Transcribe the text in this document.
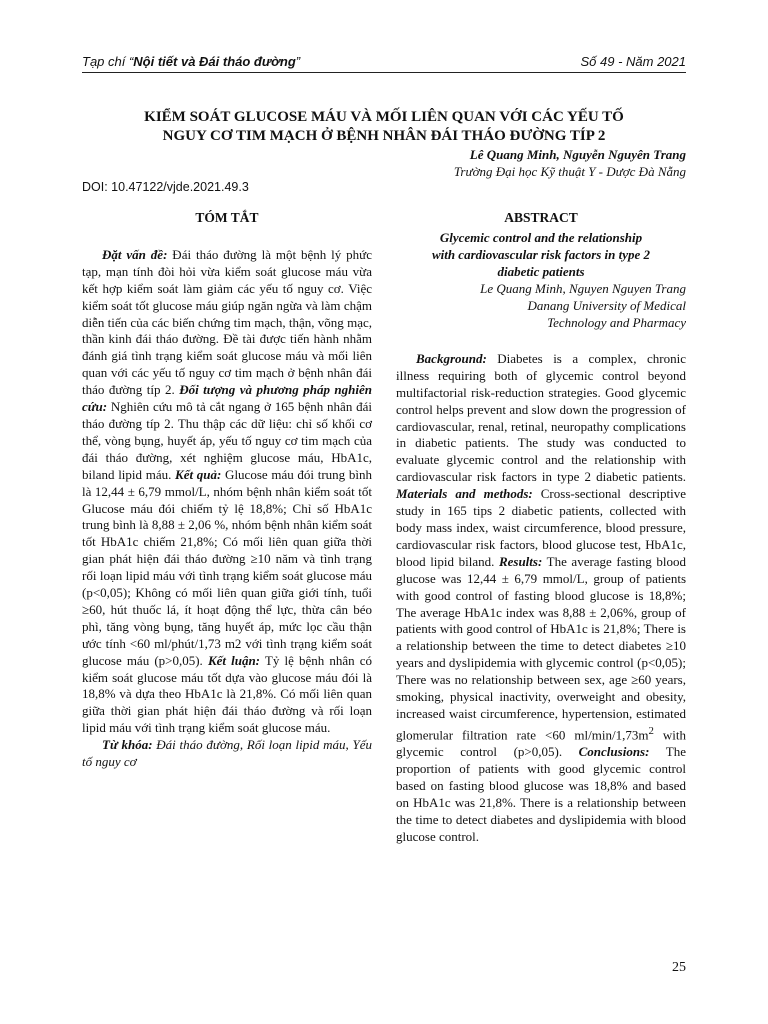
Tạp chí “Nội tiết và Đái tháo đường”	Số 49 - Năm 2021
KIỂM SOÁT GLUCOSE MÁU VÀ MỐI LIÊN QUAN VỚI CÁC YẾU TỐ
NGUY CƠ TIM MẠCH Ở BỆNH NHÂN ĐÁI THÁO ĐƯỜNG TÍP 2
Lê Quang Minh, Nguyễn Nguyên Trang
Trường Đại học Kỹ thuật Y - Dược Đà Nẵng
DOI: 10.47122/vjde.2021.49.3
TÓM TẮT

Đặt vấn đề: Đái tháo đường là một bệnh lý phức tạp, mạn tính đòi hỏi vừa kiểm soát glucose máu vừa kết hợp kiểm soát làm giảm các yếu tố nguy cơ. Việc kiểm soát tốt glucose máu giúp ngăn ngừa và làm chậm diễn tiến của các biến chứng tim mạch, thận, võng mạc, thần kinh đái tháo đường. Đề tài được tiến hành nhằm đánh giá tình trạng kiểm soát glucose máu và mối liên quan với các yếu tố nguy cơ tim mạch ở bệnh nhân đái tháo đường típ 2. Đối tượng và phương pháp nghiên cứu: Nghiên cứu mô tả cắt ngang ở 165 bệnh nhân đái tháo đường típ 2. Thu thập các dữ liệu: chỉ số khối cơ thể, vòng bụng, huyết áp, yếu tố nguy cơ tim mạch của đái tháo đường, xét nghiệm glucose máu, HbA1c, biland lipid máu. Kết quả: Glucose máu đói trung bình là 12,44 ± 6,79 mmol/L, nhóm bệnh nhân kiểm soát tốt Glucose máu đói chiếm tỷ lệ 18,8%; Chỉ số HbA1c trung bình là 8,88 ± 2,06 %, nhóm bệnh nhân kiểm soát tốt HbA1c chiếm 21,8%; Có mối liên quan giữa thời gian phát hiện đái tháo đường ≥10 năm và tình trạng rối loạn lipid máu với tình trạng kiểm soát glucose máu (p<0,05); Không có mối liên quan giữa giới tính, tuổi ≥60, hút thuốc lá, ít hoạt động thể lực, thừa cân béo phì, tăng vòng bụng, tăng huyết áp, mức lọc cầu thận ước tính <60 ml/phút/1,73 m2 với tình trạng kiểm soát glucose máu (p>0,05). Kết luận: Tỷ lệ bệnh nhân có kiểm soát glucose máu tốt dựa vào glucose máu đói là 18,8% và dựa theo HbA1c là 21,8%. Có mối liên quan giữa thời gian phát hiện đái tháo đường và rối loạn lipid máu với tình trạng kiểm soát glucose máu.

Từ khóa: Đái tháo đường, Rối loạn lipid máu, Yếu tố nguy cơ

ABSTRACT
Glycemic control and the relationship
with cardiovascular risk factors in type 2
diabetic patients
Le Quang Minh, Nguyen Nguyen Trang
Danang University of Medical
Technology and Pharmacy

Background: Diabetes is a complex, chronic illness requiring both of glycemic control beyond multifactorial risk-reduction strategies. Good glycemic control helps prevent and slow down the progression of cardiovascular, renal, retinal, neuropathy complications in diabetic patients. The study was conducted to evaluate glycemic control and the relationship with cardiovascular risk factors in type 2 diabetic patients. Materials and methods: Cross-sectional descriptive study in 165 tips 2 diabetic patients, collected with body mass index, waist circumference, blood pressure, cardiovascular risk factors, blood glucose test, HbA1c, blood lipid biland. Results: The average fasting blood glucose was 12,44 ± 6,79 mmol/L, group of patients with good control of fasting blood glucose is 18,8%; The average HbA1c index was 8,88 ± 2,06%, group of patients with good control of HbA1c is 21,8%; There is a relationship between the time to detect diabetes ≥10 years and dyslipidemia with glycemic control (p<0,05); There was no relationship between sex, age ≥60 years, smoking, physical inactivity, overweight and obesity, increased waist circumference, hypertension, estimated glomerular filtration rate <60 $ml/\min/1,73m^2$ with glycemic control (p>0,05). Conclusions: The proportion of patients with good glycemic control based on fasting blood glucose was 18,8% and based on HbA1c was 21,8%. There is a relationship between the time to detect diabetes and dyslipidemia with blood glucose control.

25
